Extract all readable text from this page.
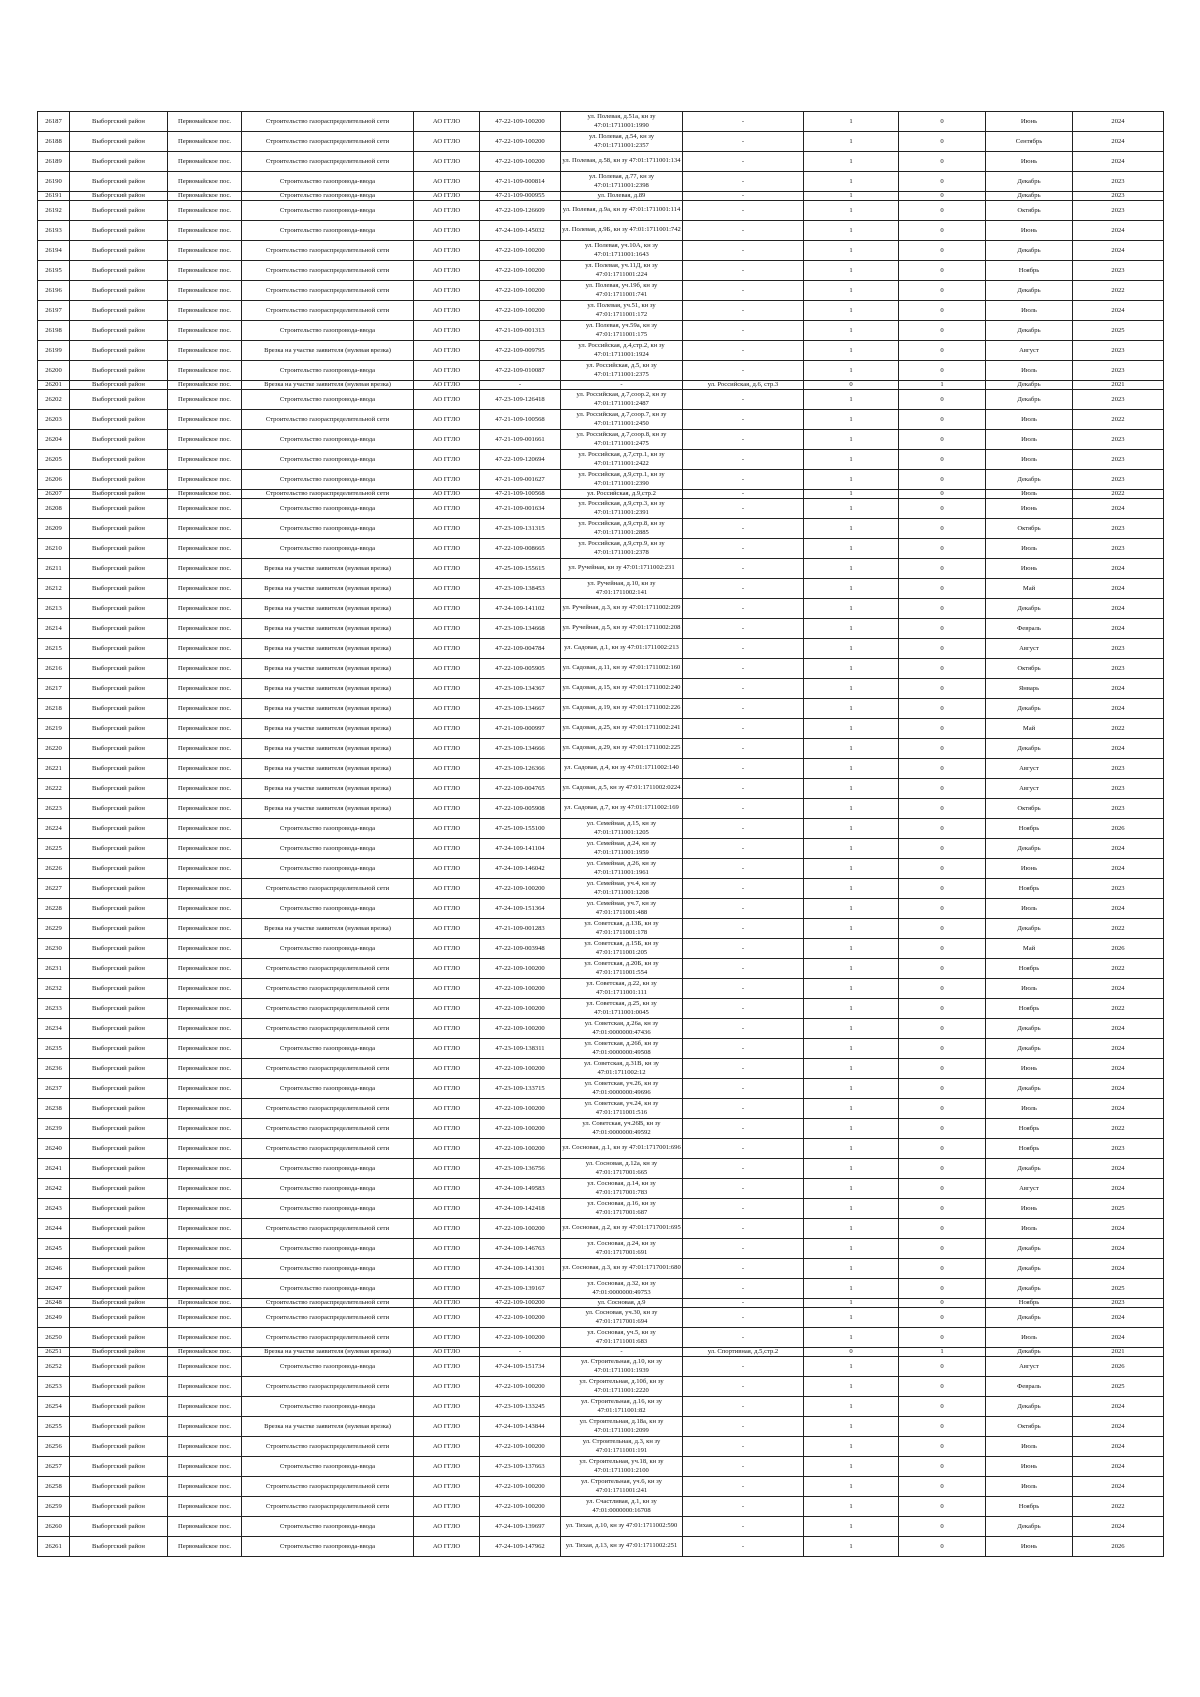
26187	Выборгский район	Первомайское пос.	Строительство газораспределительной сети	АО ГГЛО	47-22-109-100200	ул. Полевая, д.51а, кн зу 47:01:1711001:1990	-	1	0	Июнь	2024
26188	Выборгский район	Первомайское пос.	Строительство газораспределительной сети	АО ГГЛО	47-22-109-100200	ул. Полевая, д.54, кн зу 47:01:1711001:2357	-	1	0	Сентябрь	2024
26189	Выборгский район	Первомайское пос.	Строительство газораспределительной сети	АО ГГЛО	47-22-109-100200	ул. Полевая, д.58, кн зу 47:01:1711001:134	-	1	0	Июнь	2024
26190	Выборгский район	Первомайское пос.	Строительство газопровода-ввода	АО ГГЛО	47-21-109-000814	ул. Полевая, д.77, кн зу 47:01:1711001:2398	-	1	0	Декабрь	2023
26191	Выборгский район	Первомайское пос.	Строительство газопровода-ввода	АО ГГЛО	47-21-109-000955	ул. Полевая, д.89	-	1	0	Декабрь	2023
26192	Выборгский район	Первомайское пос.	Строительство газопровода-ввода	АО ГГЛО	47-22-109-126609	ул. Полевая, д.9а, кн зу 47:01:1711001:114	-	1	0	Октябрь	2023
26193	Выборгский район	Первомайское пос.	Строительство газопровода-ввода	АО ГГЛО	47-24-109-145032	ул. Полевая, д.9Б, кн зу 47:01:1711001:742	-	1	0	Июнь	2024
26194	Выборгский район	Первомайское пос.	Строительство газораспределительной сети	АО ГГЛО	47-22-109-100200	ул. Полевая, уч.10А, кн зу 47:01:1711001:1643	-	1	0	Декабрь	2024
26195	Выборгский район	Первомайское пос.	Строительство газораспределительной сети	АО ГГЛО	47-22-109-100200	ул. Полевая, уч.11Д, кн зу 47:01:1711001:224	-	1	0	Ноябрь	2023
26196	Выборгский район	Первомайское пос.	Строительство газораспределительной сети	АО ГГЛО	47-22-109-100200	ул. Полевая, уч.19б, кн зу 47:01:1711001:741	-	1	0	Декабрь	2022
26197	Выборгский район	Первомайское пос.	Строительство газораспределительной сети	АО ГГЛО	47-22-109-100200	ул. Полевая, уч.51, кн зу 47:01:1711001:172	-	1	0	Июль	2024
26198	Выборгский район	Первомайское пос.	Строительство газопровода-ввода	АО ГГЛО	47-21-109-001313	ул. Полевая, уч.59а, кн зу 47:01:1711001:175	-	1	0	Декабрь	2025
26199	Выборгский район	Первомайское пос.	Врезка на участке заявителя (нулевая врезка)	АО ГГЛО	47-22-109-009795	ул. Российская, д.4,стр.2, кн зу 47:01:1711001:1924	-	1	0	Август	2023
26200	Выборгский район	Первомайское пос.	Строительство газопровода-ввода	АО ГГЛО	47-22-109-010087	ул. Российская, д.5, кн зу 47:01:1711001:2375	-	1	0	Июль	2023
26201	Выборгский район	Первомайское пос.	Врезка на участке заявителя (нулевая врезка)	АО ГГЛО	-	-	ул. Российская, д.6, стр.3	0	1	Декабрь	2021
26202	Выборгский район	Первомайское пос.	Строительство газопровода-ввода	АО ГГЛО	47-23-109-126418	ул. Российская, д.7,соор.2, кн зу 47:01:1711001:2487	-	1	0	Декабрь	2023
26203	Выборгский район	Первомайское пос.	Строительство газораспределительной сети	АО ГГЛО	47-21-109-100568	ул. Российская, д.7,соор.7, кн зу 47:01:1711001:2450	-	1	0	Июль	2022
26204	Выборгский район	Первомайское пос.	Строительство газопровода-ввода	АО ГГЛО	47-21-109-001661	ул. Российская, д.7,соор.8, кн зу 47:01:1711001:2475	-	1	0	Июль	2023
26205	Выборгский район	Первомайское пос.	Строительство газопровода-ввода	АО ГГЛО	47-22-109-120694	ул. Российская, д.7,стр.1, кн зу 47:01:1711001:2422	-	1	0	Июль	2023
26206	Выборгский район	Первомайское пос.	Строительство газопровода-ввода	АО ГГЛО	47-21-109-001627	ул. Российская, д.9,стр.1, кн зу 47:01:1711001:2390	-	1	0	Декабрь	2023
26207	Выборгский район	Первомайское пос.	Строительство газораспределительной сети	АО ГГЛО	47-21-109-100568	ул. Российская, д.9,стр.2	-	1	0	Июль	2022
26208	Выборгский район	Первомайское пос.	Строительство газопровода-ввода	АО ГГЛО	47-21-109-001634	ул. Российская, д.9,стр.3, кн зу 47:01:1711001:2391	-	1	0	Июнь	2024
26209	Выборгский район	Первомайское пос.	Строительство газопровода-ввода	АО ГГЛО	47-23-109-131315	ул. Российская, д.9,стр.8, кн зу 47:01:1711001:2885	-	1	0	Октябрь	2023
26210	Выборгский район	Первомайское пос.	Строительство газопровода-ввода	АО ГГЛО	47-22-109-008665	ул. Российская, д.9,стр.9, кн зу 47:01:1711001:2378	-	1	0	Июль	2023
26211	Выборгский район	Первомайское пос.	Врезка на участке заявителя (нулевая врезка)	АО ГГЛО	47-25-109-155615	ул. Ручейная, кн зу 47:01:1711002:231	-	1	0	Июнь	2024
26212	Выборгский район	Первомайское пос.	Врезка на участке заявителя (нулевая врезка)	АО ГГЛО	47-23-109-138453	ул. Ручейная, д.10, кн зу 47:01:1711002:141	-	1	0	Май	2024
26213	Выборгский район	Первомайское пос.	Врезка на участке заявителя (нулевая врезка)	АО ГГЛО	47-24-109-141102	ул. Ручейная, д.3, кн зу 47:01:1711002:209	-	1	0	Декабрь	2024
26214	Выборгский район	Первомайское пос.	Врезка на участке заявителя (нулевая врезка)	АО ГГЛО	47-23-109-134668	ул. Ручейная, д.5, кн зу 47:01:1711002:208	-	1	0	Февраль	2024
26215	Выборгский район	Первомайское пос.	Врезка на участке заявителя (нулевая врезка)	АО ГГЛО	47-22-109-004784	ул. Садовая, д.1, кн зу 47:01:1711002:213	-	1	0	Август	2023
26216	Выборгский район	Первомайское пос.	Врезка на участке заявителя (нулевая врезка)	АО ГГЛО	47-22-109-005905	ул. Садовая, д.11, кн зу 47:01:1711002:160	-	1	0	Октябрь	2023
26217	Выборгский район	Первомайское пос.	Врезка на участке заявителя (нулевая врезка)	АО ГГЛО	47-23-109-134367	ул. Садовая, д.15, кн зу 47:01:1711002:240	-	1	0	Январь	2024
26218	Выборгский район	Первомайское пос.	Врезка на участке заявителя (нулевая врезка)	АО ГГЛО	47-23-109-134667	ул. Садовая, д.19, кн зу 47:01:1711002:226	-	1	0	Декабрь	2024
26219	Выборгский район	Первомайское пос.	Врезка на участке заявителя (нулевая врезка)	АО ГГЛО	47-21-109-000997	ул. Садовая, д.25, кн зу 47:01:1711002:241	-	1	0	Май	2022
26220	Выборгский район	Первомайское пос.	Врезка на участке заявителя (нулевая врезка)	АО ГГЛО	47-23-109-134666	ул. Садовая, д.29, кн зу 47:01:1711002:225	-	1	0	Декабрь	2024
26221	Выборгский район	Первомайское пос.	Врезка на участке заявителя (нулевая врезка)	АО ГГЛО	47-23-109-126366	ул. Садовая, д.4, кн зу 47:01:1711002:140	-	1	0	Август	2023
26222	Выборгский район	Первомайское пос.	Врезка на участке заявителя (нулевая врезка)	АО ГГЛО	47-22-109-004765	ул. Садовая, д.5, кн зу 47:01:1711002:0224	-	1	0	Август	2023
26223	Выборгский район	Первомайское пос.	Врезка на участке заявителя (нулевая врезка)	АО ГГЛО	47-22-109-005908	ул. Садовая, д.7, кн зу 47:01:1711002:169	-	1	0	Октябрь	2023
26224	Выборгский район	Первомайское пос.	Строительство газопровода-ввода	АО ГГЛО	47-25-109-155100	ул. Семейная, д.15, кн зу 47:01:1711001:1205	-	1	0	Ноябрь	2026
26225	Выборгский район	Первомайское пос.	Строительство газопровода-ввода	АО ГГЛО	47-24-109-141104	ул. Семейная, д.24, кн зу 47:01:1711001:1959	-	1	0	Декабрь	2024
26226	Выборгский район	Первомайское пос.	Строительство газопровода-ввода	АО ГГЛО	47-24-109-146042	ул. Семейная, д.26, кн зу 47:01:1711001:1961	-	1	0	Июнь	2024
26227	Выборгский район	Первомайское пос.	Строительство газораспределительной сети	АО ГГЛО	47-22-109-100200	ул. Семейная, уч.4, кн зу 47:01:1711001:1208	-	1	0	Ноябрь	2023
26228	Выборгский район	Первомайское пос.	Строительство газопровода-ввода	АО ГГЛО	47-24-109-151364	ул. Семейная, уч.7, кн зу 47:01:1711001:488	-	1	0	Июль	2024
26229	Выборгский район	Первомайское пос.	Врезка на участке заявителя (нулевая врезка)	АО ГГЛО	47-21-109-001283	ул. Советская, д.13Б, кн зу 47:01:1711001:178	-	1	0	Декабрь	2022
26230	Выборгский район	Первомайское пос.	Строительство газопровода-ввода	АО ГГЛО	47-22-109-003948	ул. Советская, д.15Б, кн зу 47:01:1711001:205	-	1	0	Май	2026
26231	Выборгский район	Первомайское пос.	Строительство газораспределительной сети	АО ГГЛО	47-22-109-100200	ул. Советская, д.20Б, кн зу 47:01:1711001:554	-	1	0	Ноябрь	2022
26232	Выборгский район	Первомайское пос.	Строительство газораспределительной сети	АО ГГЛО	47-22-109-100200	ул. Советская, д.22, кн зу 47:01:1711001:111	-	1	0	Июль	2024
26233	Выборгский район	Первомайское пос.	Строительство газораспределительной сети	АО ГГЛО	47-22-109-100200	ул. Советская, д.25, кн зу 47:01:1711001:0045	-	1	0	Ноябрь	2022
26234	Выборгский район	Первомайское пос.	Строительство газораспределительной сети	АО ГГЛО	47-22-109-100200	ул. Советская, д.26а, кн зу 47:01:0000000:47436	-	1	0	Декабрь	2024
26235	Выборгский район	Первомайское пос.	Строительство газопровода-ввода	АО ГГЛО	47-23-109-138311	ул. Советская, д.26б, кн зу 47:01:0000000:49508	-	1	0	Декабрь	2024
26236	Выборгский район	Первомайское пос.	Строительство газораспределительной сети	АО ГГЛО	47-22-109-100200	ул. Советская, д.31В, кн зу 47:01:1711002:12	-	1	0	Июнь	2024
26237	Выборгский район	Первомайское пос.	Строительство газопровода-ввода	АО ГГЛО	47-23-109-133715	ул. Советская, уч.26, кн зу 47:01:0000000:49696	-	1	0	Декабрь	2024
26238	Выборгский район	Первомайское пос.	Строительство газораспределительной сети	АО ГГЛО	47-22-109-100200	ул. Советская, уч.24, кн зу 47:01:1711001:516	-	1	0	Июль	2024
26239	Выборгский район	Первомайское пос.	Строительство газораспределительной сети	АО ГГЛО	47-22-109-100200	ул. Советская, уч.26В, кн зу 47:01:0000000:49592	-	1	0	Ноябрь	2022
26240	Выборгский район	Первомайское пос.	Строительство газораспределительной сети	АО ГГЛО	47-22-109-100200	ул. Сосновая, д.1, кн зу 47:01:1717001:696	-	1	0	Ноябрь	2023
26241	Выборгский район	Первомайское пос.	Строительство газопровода-ввода	АО ГГЛО	47-23-109-136756	ул. Сосновая, д.12а, кн зу 47:01:1717001:665	-	1	0	Декабрь	2024
26242	Выборгский район	Первомайское пос.	Строительство газопровода-ввода	АО ГГЛО	47-24-109-149583	ул. Сосновая, д.14, кн зу 47:01:1717001:783	-	1	0	Август	2024
26243	Выборгский район	Первомайское пос.	Строительство газопровода-ввода	АО ГГЛО	47-24-109-142418	ул. Сосновая, д.16, кн зу 47:01:1717001:687	-	1	0	Июнь	2025
26244	Выборгский район	Первомайское пос.	Строительство газораспределительной сети	АО ГГЛО	47-22-109-100200	ул. Сосновая, д.2, кн зу 47:01:1717001:695	-	1	0	Июль	2024
26245	Выборгский район	Первомайское пос.	Строительство газопровода-ввода	АО ГГЛО	47-24-109-146763	ул. Сосновая, д.24, кн зу 47:01:1717001:691	-	1	0	Декабрь	2024
26246	Выборгский район	Первомайское пос.	Строительство газопровода-ввода	АО ГГЛО	47-24-109-141301	ул. Сосновая, д.3, кн зу 47:01:1717001:680	-	1	0	Декабрь	2024
26247	Выборгский район	Первомайское пос.	Строительство газопровода-ввода	АО ГГЛО	47-23-109-139167	ул. Сосновая, д.32, кн зу 47:01:0000000:49753	-	1	0	Декабрь	2025
26248	Выборгский район	Первомайское пос.	Строительство газораспределительной сети	АО ГГЛО	47-22-109-100200	ул. Сосновая, д.9	-	1	0	Ноябрь	2023
26249	Выборгский район	Первомайское пос.	Строительство газораспределительной сети	АО ГГЛО	47-22-109-100200	ул. Сосновая, уч.30, кн зу 47:01:1717001:694	-	1	0	Декабрь	2024
26250	Выборгский район	Первомайское пос.	Строительство газораспределительной сети	АО ГГЛО	47-22-109-100200	ул. Сосновая, уч.5, кн зу 47:01:1711001:683	-	1	0	Июль	2024
26251	Выборгский район	Первомайское пос.	Врезка на участке заявителя (нулевая врезка)	АО ГГЛО	-	-	ул. Спортивная, д.5,стр.2	0	1	Декабрь	2021
26252	Выборгский район	Первомайское пос.	Строительство газопровода-ввода	АО ГГЛО	47-24-109-151734	ул. Строительная, д.10, кн зу 47:01:1711001:1939	-	1	0	Август	2026
26253	Выборгский район	Первомайское пос.	Строительство газораспределительной сети	АО ГГЛО	47-22-109-100200	ул. Строительная, д.10б, кн зу 47:01:1711001:2220	-	1	0	Февраль	2025
26254	Выборгский район	Первомайское пос.	Строительство газопровода-ввода	АО ГГЛО	47-23-109-133245	ул. Строительная, д.16, кн зу 47:01:1711001:82	-	1	0	Декабрь	2024
26255	Выборгский район	Первомайское пос.	Врезка на участке заявителя (нулевая врезка)	АО ГГЛО	47-24-109-143844	ул. Строительная, д.18а, кн зу 47:01:1711001:2099	-	1	0	Октябрь	2024
26256	Выборгский район	Первомайское пос.	Строительство газораспределительной сети	АО ГГЛО	47-22-109-100200	ул. Строительная, д.3, кн зу 47:01:1711001:191	-	1	0	Июль	2024
26257	Выборгский район	Первомайское пос.	Строительство газопровода-ввода	АО ГГЛО	47-23-109-137663	ул. Строительная, уч.18, кн зу 47:01:1711001:2100	-	1	0	Июнь	2024
26258	Выборгский район	Первомайское пос.	Строительство газораспределительной сети	АО ГГЛО	47-22-109-100200	ул. Строительная, уч.6, кн зу 47:01:1711001:241	-	1	0	Июль	2024
26259	Выборгский район	Первомайское пос.	Строительство газораспределительной сети	АО ГГЛО	47-22-109-100200	ул. Счастливая, д.1, кн зу 47:01:0000000:16708	-	1	0	Ноябрь	2022
26260	Выборгский район	Первомайское пос.	Строительство газопровода-ввода	АО ГГЛО	47-24-109-139697	ул. Тихая, д.10, кн зу 47:01:1711002:590	-	1	0	Декабрь	2024
26261	Выборгский район	Первомайское пос.	Строительство газопровода-ввода	АО ГГЛО	47-24-109-147962	ул. Тихая, д.13, кн зу 47:01:1711002:251	-	1	0	Июнь	2026
